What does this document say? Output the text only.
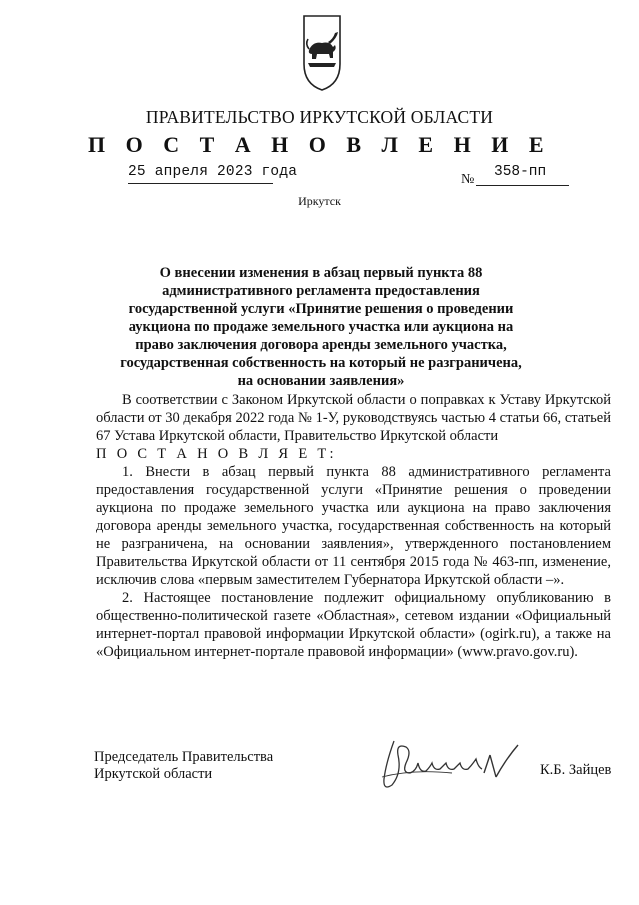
ПРАВИТЕЛЬСТВО ИРКУТСКОЙ ОБЛАСТИ
П О С Т А Н О В Л Е Н И Е
25 апреля 2023 года	№ 358-пп
Иркутск
О внесении изменения в абзац первый пункта 88 административного регламента предоставления государственной услуги «Принятие решения о проведении аукциона по продаже земельного участка или аукциона на право заключения договора аренды земельного участка, государственная собственность на который не разграничена, на основании заявления»

В соответствии с Законом Иркутской области о поправках к Уставу Иркутской области от 30 декабря 2022 года № 1-У, руководствуясь частью 4 статьи 66, статьей 67 Устава Иркутской области, Правительство Иркутской области

П О С Т А Н О В Л Я Е Т:

1. Внести в абзац первый пункта 88 административного регламента предоставления государственной услуги «Принятие решения о проведении аукциона по продаже земельного участка или аукциона на право заключения договора аренды земельного участка, государственная собственность на который не разграничена, на основании заявления», утвержденного постановлением Правительства Иркутской области от 11 сентября 2015 года № 463-пп, изменение, исключив слова «первым заместителем Губернатора Иркутской области –».

2. Настоящее постановление подлежит официальному опубликованию в общественно-политической газете «Областная», сетевом издании «Официальный интернет-портал правовой информации Иркутской области» (ogirk.ru), а также на «Официальном интернет-портале правовой информации» (www.pravo.gov.ru).

Председатель Правительства
Иркутской области	К.Б. Зайцев
